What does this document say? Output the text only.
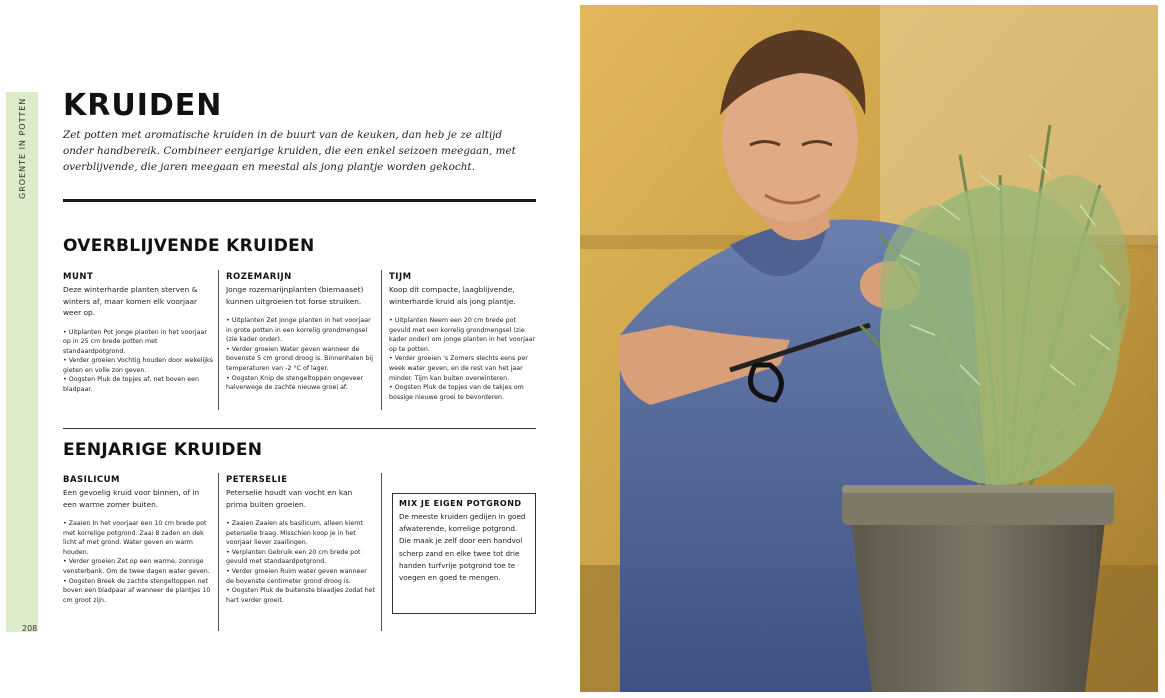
GROENTE IN POTTEN
208
KRUIDEN

Zet potten met aromatische kruiden in de buurt van de keuken, dan heb je ze altijd onder handbereik. Combineer eenjarige kruiden, die een enkel seizoen meegaan, met overblijvende, die jaren meegaan en meestal als jong plantje worden gekocht.

OVERBLIJVENDE KRUIDEN
MUNT
Deze winterharde planten sterven & winters af, maar komen elk voorjaar weer op.

• Uitplanten Pot jonge planten in het voorjaar op in 25 cm brede potten met standaardpotgrond.

• Verder groeien Vochtig houden door wekelijks gieten en volle zon geven.

• Oogsten Pluk de topjes af, net boven een bladpaar.

ROZEMARIJN
Jonge rozemarijnplanten (biemaaset) kunnen uitgroeien tot forse struiken.

• Uitplanten Zet jonge planten in het voorjaar in grote potten in een korrelig grondmengsel (zie kader onder).

• Verder groeien Water geven wanneer de bovenste 5 cm grond droog is. Binnenhalen bij temperaturen van -2 °C of lager.

• Oogsten Knip de stengeltoppen ongeveer halverwege de zachte nieuwe groei af.

TIJM
Koop dit compacte, laagblijvende, winterharde kruid als jong plantje.

• Uitplanten Neem een 20 cm brede pot gevuld met een korrelig grondmengsel (zie kader onder) om jonge planten in het voorjaar op te potten.

• Verder groeien 's Zomers slechts eens per week water geven, en de rest van het jaar minder. Tijm kan buiten overwinteren.

• Oogsten Pluk de topjes van de takjes om bossige nieuwe groei te bevorderen.

EENJARIGE KRUIDEN
BASILICUM
Een gevoelig kruid voor binnen, of in een warme zomer buiten.

• Zaaien In het voorjaar een 10 cm brede pot met korrelige potgrond. Zaai 8 zaden en dek licht af met grond. Water geven en warm houden.

• Verder groeien Zet op een warme, zonnige vensterbank. Om de twee dagen water geven.

• Oogsten Breek de zachte stengeltoppen net boven een bladpaar af wanneer de plantjes 10 cm groot zijn.

PETERSELIE
Peterselie houdt van vocht en kan prima buiten groeien.

• Zaaien Zaaien als basilicum, alleen kiemt peterselie traag. Misschien koop je in het voorjaar liever zaailingen.

• Verplanten Gebruik een 20 cm brede pot gevuld met standaardpotgrond.

• Verder groeien Ruim water geven wanneer de bovenste centimeter grond droog is.

• Oogsten Pluk de buitenste blaadjes zodat het hart verder groeit.

MIX JE EIGEN POTGROND
De meeste kruiden gedijen in goed afwaterende, korrelige potgrond. Die maak je zelf door een handvol scherp zand en elke twee tot drie handen turfvrije potgrond toe te voegen en goed te mengen.
